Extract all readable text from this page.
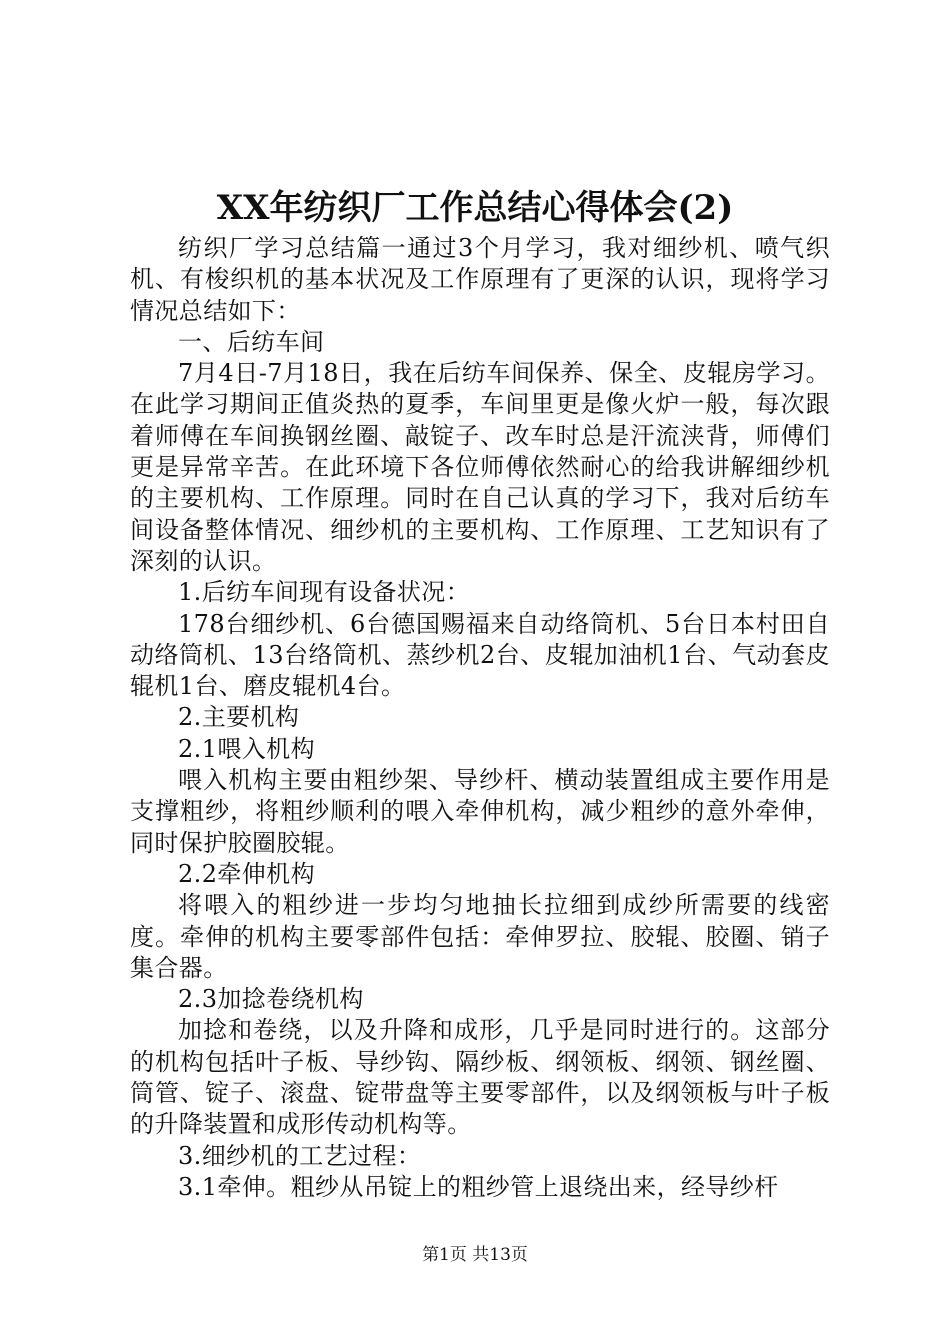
XX年纺织厂工作总结心得体会(2)

纺织厂学习总结篇一通过3个月学习，我对细纱机、喷气织机、有梭织机的基本状况及工作原理有了更深的认识，现将学习情况总结如下：

一、后纺车间

7月4日-7月18日，我在后纺车间保养、保全、皮辊房学习。在此学习期间正值炎热的夏季，车间里更是像火炉一般，每次跟着师傅在车间换钢丝圈、敲锭子、改车时总是汗流浃背，师傅们更是异常辛苦。在此环境下各位师傅依然耐心的给我讲解细纱机的主要机构、工作原理。同时在自己认真的学习下，我对后纺车间设备整体情况、细纱机的主要机构、工作原理、工艺知识有了深刻的认识。

1.后纺车间现有设备状况：

178台细纱机、6台德国赐福来自动络筒机、5台日本村田自动络筒机、13台络筒机、蒸纱机2台、皮辊加油机1台、气动套皮辊机1台、磨皮辊机4台。

2.主要机构

2.1喂入机构

喂入机构主要由粗纱架、导纱杆、横动装置组成主要作用是支撑粗纱，将粗纱顺利的喂入牵伸机构，减少粗纱的意外牵伸，同时保护胶圈胶辊。

2.2牵伸机构

将喂入的粗纱进一步均匀地抽长拉细到成纱所需要的线密度。牵伸的机构主要零部件包括：牵伸罗拉、胶辊、胶圈、销子集合器。

2.3加捻卷绕机构

加捻和卷绕，以及升降和成形，几乎是同时进行的。这部分的机构包括叶子板、导纱钩、隔纱板、纲领板、纲领、钢丝圈、筒管、锭子、滚盘、锭带盘等主要零部件，以及纲领板与叶子板的升降装置和成形传动机构等。

3.细纱机的工艺过程：

3.1牵伸。粗纱从吊锭上的粗纱管上退绕出来，经导纱杆

第1页 共13页
